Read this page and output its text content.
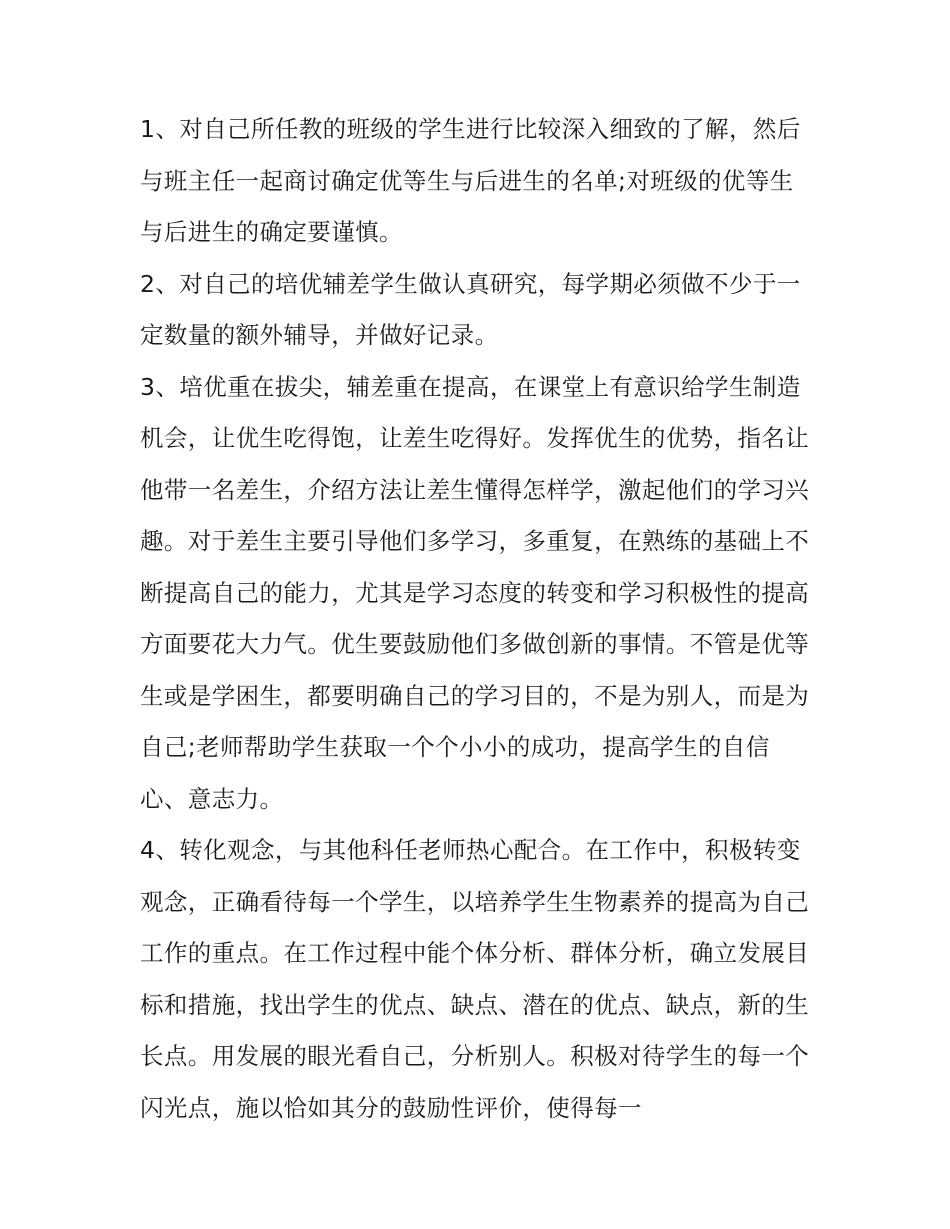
1、对自己所任教的班级的学生进行比较深入细致的了解，然后与班主任一起商讨确定优等生与后进生的名单;对班级的优等生与后进生的确定要谨慎。

2、对自己的培优辅差学生做认真研究，每学期必须做不少于一定数量的额外辅导，并做好记录。

3、培优重在拔尖，辅差重在提高，在课堂上有意识给学生制造机会，让优生吃得饱，让差生吃得好。发挥优生的优势，指名让他带一名差生，介绍方法让差生懂得怎样学，激起他们的学习兴趣。对于差生主要引导他们多学习，多重复，在熟练的基础上不断提高自己的能力，尤其是学习态度的转变和学习积极性的提高方面要花大力气。优生要鼓励他们多做创新的事情。不管是优等生或是学困生，都要明确自己的学习目的，不是为别人，而是为自己;老师帮助学生获取一个个小小的成功，提高学生的自信心、意志力。

4、转化观念，与其他科任老师热心配合。在工作中，积极转变观念，正确看待每一个学生，以培养学生生物素养的提高为自己工作的重点。在工作过程中能个体分析、群体分析，确立发展目标和措施，找出学生的优点、缺点、潜在的优点、缺点，新的生长点。用发展的眼光看自己，分析别人。积极对待学生的每一个闪光点，施以恰如其分的鼓励性评价，使得每一
